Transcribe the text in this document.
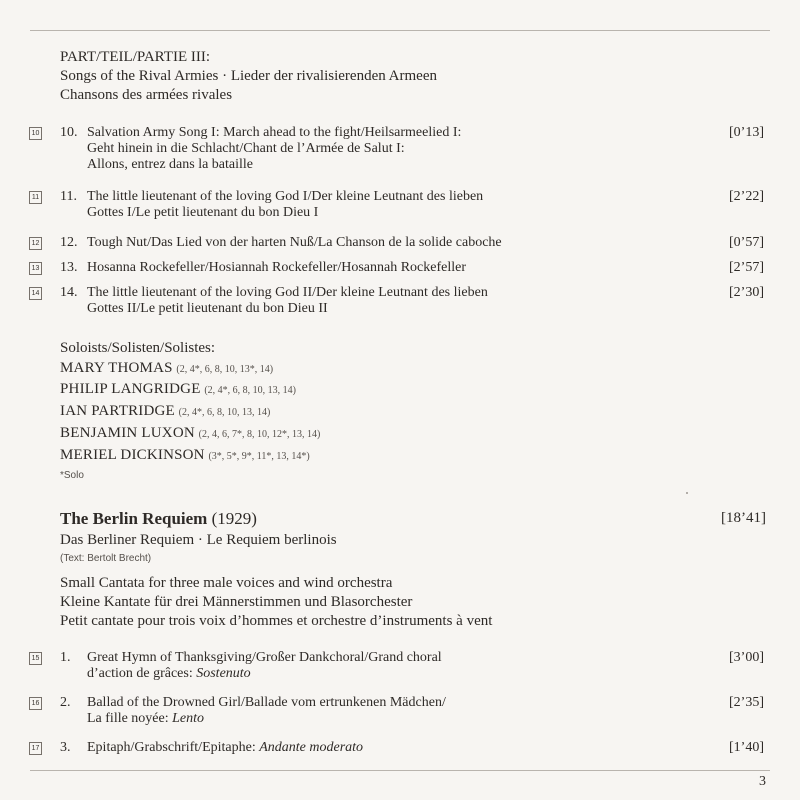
PART/TEIL/PARTIE III:
Songs of the Rival Armies · Lieder der rivalisierenden Armeen
Chansons des armées rivales
10 10. Salvation Army Song I: March ahead to the fight/Heilsarmeelied I:
Geht hinein in die Schlacht/Chant de l’Armée de Salut I:
Allons, entrez dans la bataille
[0’13]
11 11. The little lieutenant of the loving God I/Der kleine Leutnant des lieben
Gottes I/Le petit lieutenant du bon Dieu I
[2’22]
12 12. Tough Nut/Das Lied von der harten Nuß/La Chanson de la solide caboche	[0’57]
13 13. Hosanna Rockefeller/Hosiannah Rockefeller/Hosannah Rockefeller	[2’57]
14 14. The little lieutenant of the loving God II/Der kleine Leutnant des lieben
Gottes II/Le petit lieutenant du bon Dieu II
[2’30]
Soloists/Solisten/Solistes:
MARY THOMAS (2, 4*, 6, 8, 10, 13*, 14)
PHILIP LANGRIDGE (2, 4*, 6, 8, 10, 13, 14)
IAN PARTRIDGE (2, 4*, 6, 8, 10, 13, 14)
BENJAMIN LUXON (2, 4, 6, 7*, 8, 10, 12*, 13, 14)
MERIEL DICKINSON (3*, 5*, 9*, 11*, 13, 14*)
*Solo
The Berlin Requiem (1929)	[18’41]
Das Berliner Requiem · Le Requiem berlinois
(Text: Bertolt Brecht)
Small Cantata for three male voices and wind orchestra
Kleine Kantate für drei Männerstimmen und Blasorchester
Petit cantate pour trois voix d’hommes et orchestre d’instruments à vent
15 1. Great Hymn of Thanksgiving/Großer Dankchoral/Grand choral
d’action de grâces: Sostenuto
[3’00]
16 2. Ballad of the Drowned Girl/Ballade vom ertrunkenen Mädchen/
La fille noyée: Lento
[2’35]
17 3. Epitaph/Grabschrift/Epitaphe: Andante moderato	[1’40]
3
